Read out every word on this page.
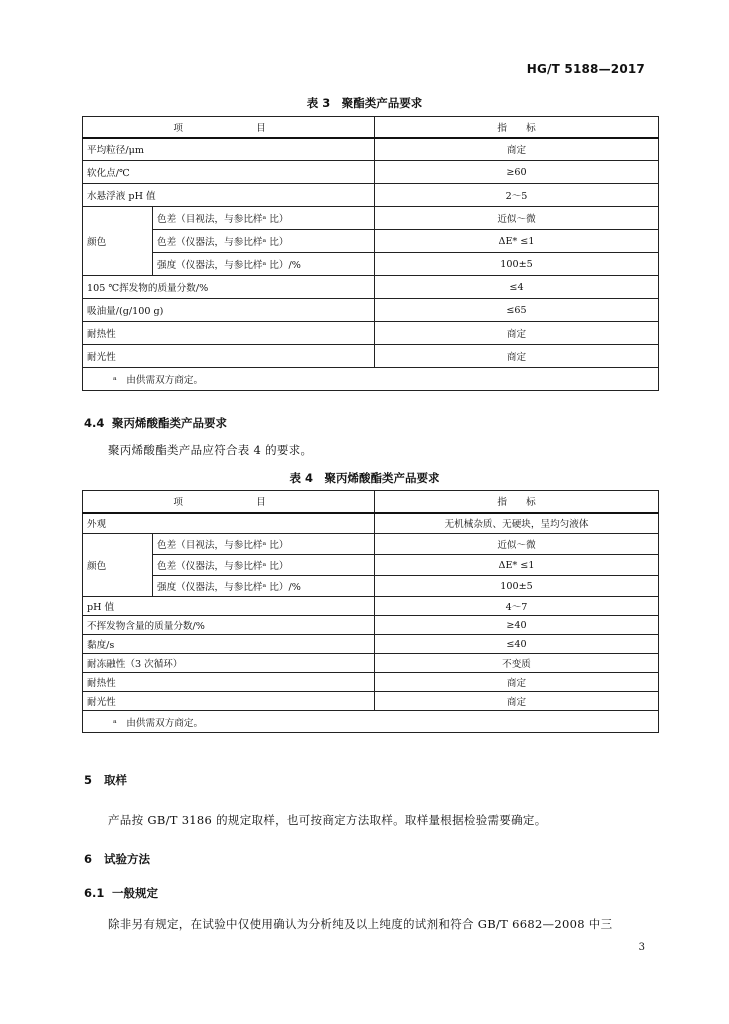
HG/T 5188—2017
表 3　聚酯类产品要求
项　　目		指　　标
平均粒径/μm		商定
软化点/℃		≥60
水悬浮液 pH 值		2～5
颜色	色差（目视法，与参比样ᵃ 比）	近似～微
	色差（仪器法，与参比样ᵃ 比）	ΔE* ≤1
	强度（仪器法，与参比样ᵃ 比）/%	100±5
105 ℃挥发物的质量分数/%		≤4
吸油量/(g/100 g)		≤65
耐热性		商定
耐光性		商定
ᵃ　由供需双方商定。		
4.4 聚丙烯酸酯类产品要求
聚丙烯酸酯类产品应符合表 4 的要求。
表 4　聚丙烯酸酯类产品要求
项　　目		指　　标
外观		无机械杂质、无硬块，呈均匀液体
颜色	色差（目视法，与参比样ᵃ 比）	近似～微
	色差（仪器法，与参比样ᵃ 比）	ΔE* ≤1
	强度（仪器法，与参比样ᵃ 比）/%	100±5
pH 值		4～7
不挥发物含量的质量分数/%		≥40
黏度/s		≤40
耐冻融性（3 次循环）		不变质
耐热性		商定
耐光性		商定
ᵃ　由供需双方商定。		
5 取样
产品按 GB/T 3186 的规定取样，也可按商定方法取样。取样量根据检验需要确定。
6 试验方法
6.1 一般规定
除非另有规定，在试验中仅使用确认为分析纯及以上纯度的试剂和符合 GB/T 6682—2008 中三
3
